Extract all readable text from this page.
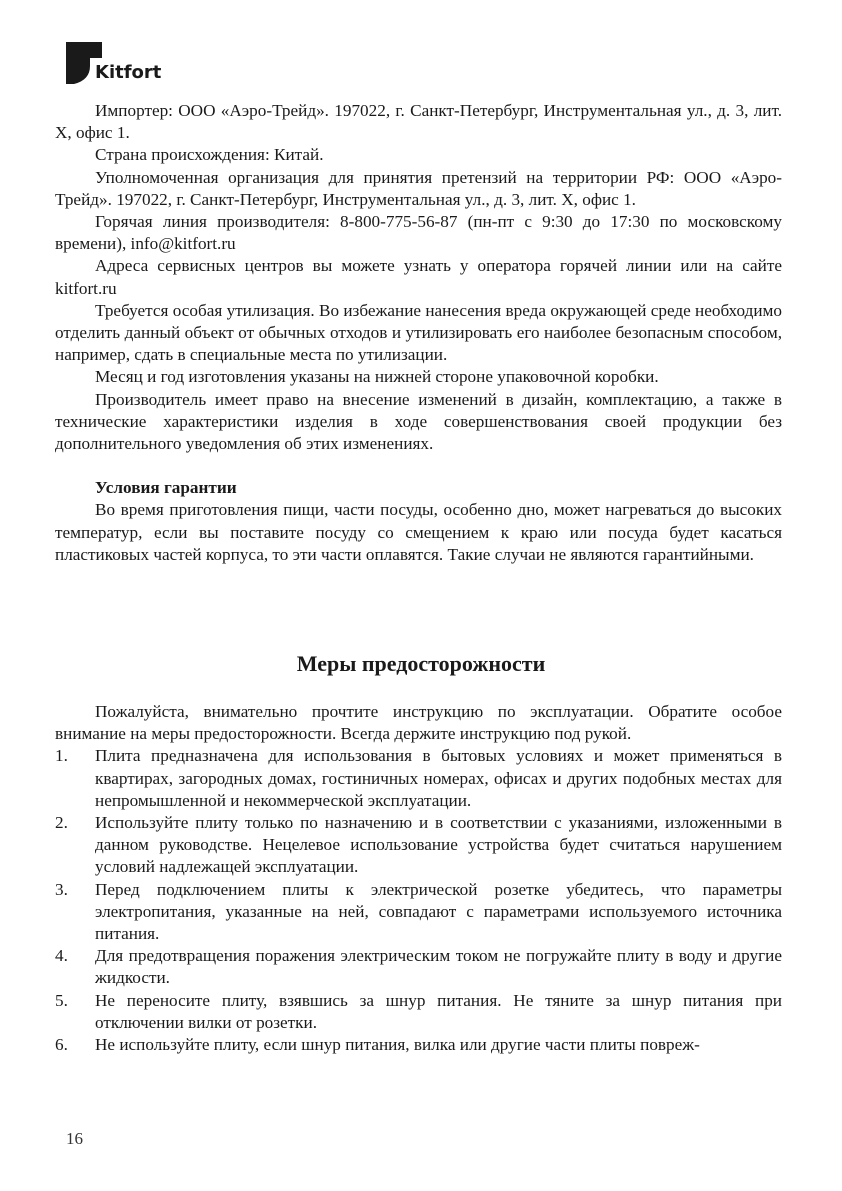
Kitfort

Импортер: ООО «Аэро-Трейд». 197022, г. Санкт-Петербург, Инструментальная ул., д. 3, лит. Х, офис 1.

Страна происхождения: Китай.

Уполномоченная организация для принятия претензий на территории РФ: ООО «Аэро-Трейд». 197022, г. Санкт-Петербург, Инструментальная ул., д. 3, лит. Х, офис 1.

Горячая линия производителя: 8-800-775-56-87 (пн-пт с 9:30 до 17:30 по московскому времени), info@kitfort.ru

Адреса сервисных центров вы можете узнать у оператора горячей линии или на сайте kitfort.ru

Требуется особая утилизация. Во избежание нанесения вреда окружающей среде необходимо отделить данный объект от обычных отходов и утилизировать его наиболее безопасным способом, например, сдать в специальные места по утилизации.

Месяц и год изготовления указаны на нижней стороне упаковочной коробки.

Производитель имеет право на внесение изменений в дизайн, комплектацию, а также в технические характеристики изделия в ходе совершенствования своей продукции без дополнительного уведомления об этих изменениях.

Условия гарантии

Во время приготовления пищи, части посуды, особенно дно, может нагреваться до высоких температур, если вы поставите посуду со смещением к краю или посуда будет касаться пластиковых частей корпуса, то эти части оплавятся. Такие случаи не являются гарантийными.

Меры предосторожности

Пожалуйста, внимательно прочтите инструкцию по эксплуатации. Обратите особое внимание на меры предосторожности. Всегда держите инструкцию под рукой.

1. Плита предназначена для использования в бытовых условиях и может применяться в квартирах, загородных домах, гостиничных номерах, офисах и других подобных местах для непромышленной и некоммерческой эксплуатации.
2. Используйте плиту только по назначению и в соответствии с указаниями, изложенными в данном руководстве. Нецелевое использование устройства будет считаться нарушением условий надлежащей эксплуатации.
3. Перед подключением плиты к электрической розетке убедитесь, что параметры электропитания, указанные на ней, совпадают с параметрами используемого источника питания.
4. Для предотвращения поражения электрическим током не погружайте плиту в воду и другие жидкости.
5. Не переносите плиту, взявшись за шнур питания. Не тяните за шнур питания при отключении вилки от розетки.
6. Не используйте плиту, если шнур питания, вилка или другие части плиты повреж-
16
